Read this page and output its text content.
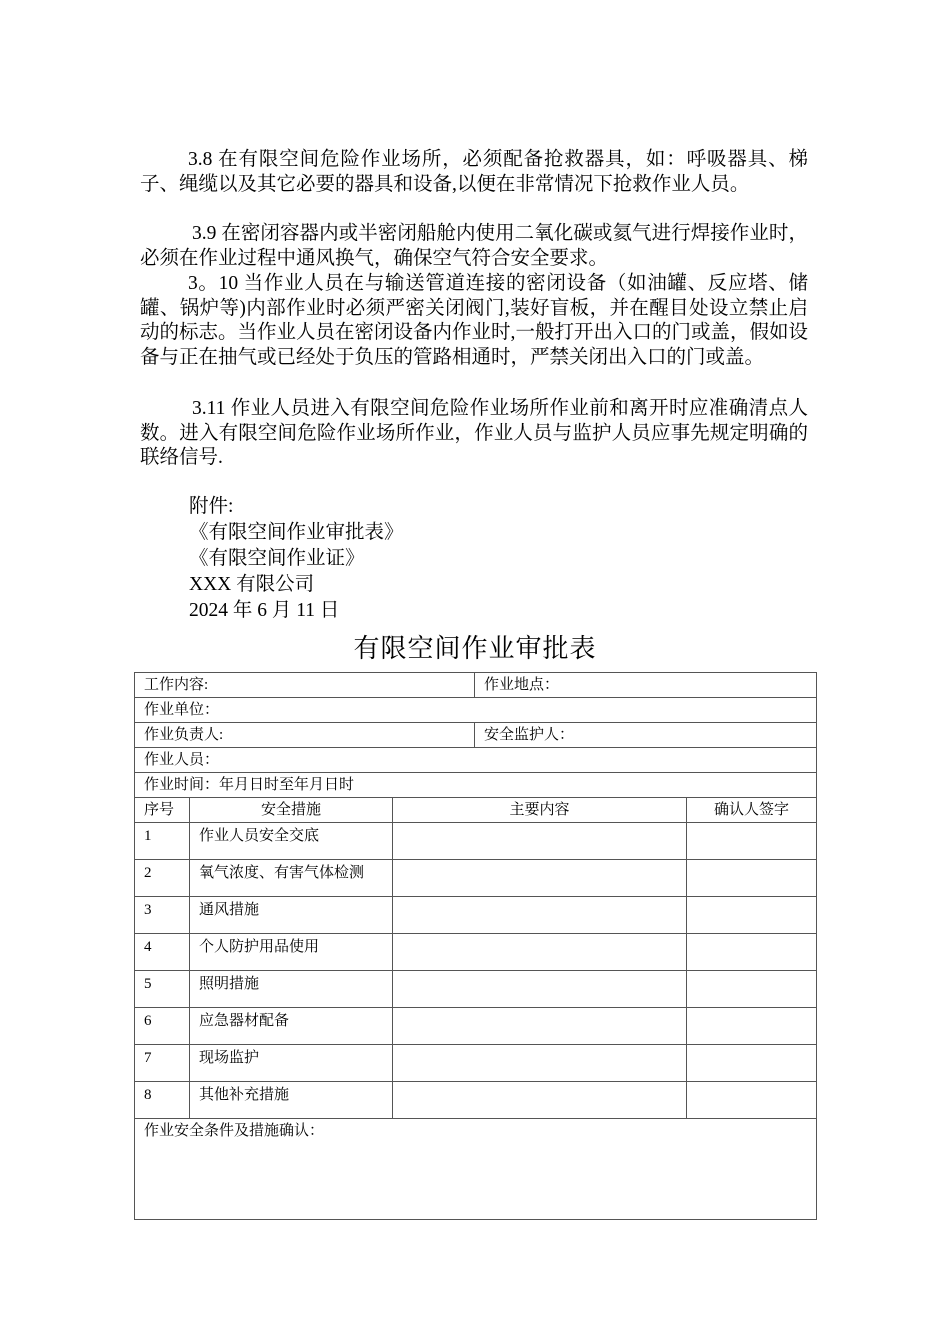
3.8 在有限空间危险作业场所，必须配备抢救器具，如：呼吸器具、梯子、绳缆以及其它必要的器具和设备,以便在非常情况下抢救作业人员。

3.9 在密闭容器内或半密闭船舱内使用二氧化碳或氦气进行焊接作业时，必须在作业过程中通风换气，确保空气符合安全要求。

3。10 当作业人员在与输送管道连接的密闭设备（如油罐、反应塔、储罐、锅炉等)内部作业时必须严密关闭阀门,装好盲板，并在醒目处设立禁止启动的标志。当作业人员在密闭设备内作业时,一般打开出入口的门或盖，假如设备与正在抽气或已经处于负压的管路相通时，严禁关闭出入口的门或盖。

3.11 作业人员进入有限空间危险作业场所作业前和离开时应准确清点人数。进入有限空间危险作业场所作业，作业人员与监护人员应事先规定明确的联络信号.

附件:
《有限空间作业审批表》
《有限空间作业证》
XXX 有限公司
2024 年 6 月 11 日
有限空间作业审批表
工作内容:			作业地点：	
作业单位：				
作业负责人:			安全监护人：	
作业人员：				
作业时间：年月日时至年月日时				
序号	安全措施	主要内容		确认人签字
1	作业人员安全交底			
2	氧气浓度、有害气体检测			
3	通风措施			
4	个人防护用品使用			
5	照明措施			
6	应急器材配备			
7	现场监护			
8	其他补充措施			
作业安全条件及措施确认：				
